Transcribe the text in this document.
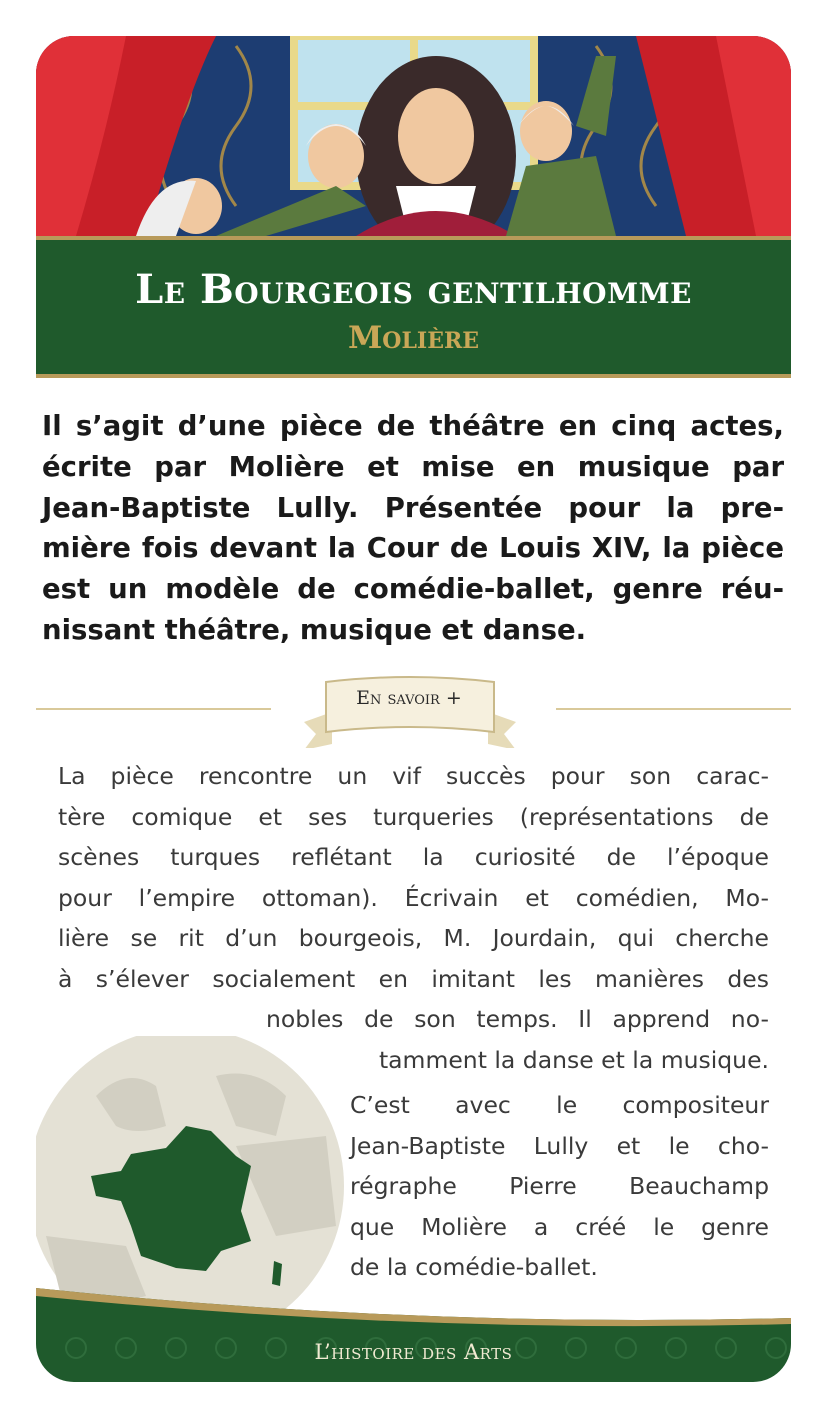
Le Bourgeois gentilhomme
Molière
Il s’agit d’une pièce de théâtre en cinq actes,
écrite par Molière et mise en musique par
Jean-Baptiste Lully. Présentée pour la pre-
mière fois devant la Cour de Louis XIV, la pièce
est un modèle de comédie-ballet, genre réu-
nissant théâtre, musique et danse.
En savoir +
La pièce rencontre un vif succès pour son carac-
tère comique et ses turqueries (représentations de
scènes turques reflétant la curiosité de l’époque
pour l’empire ottoman). Écrivain et comédien, Mo-
lière se rit d’un bourgeois, M. Jourdain, qui cherche
à s’élever socialement en imitant les manières des
nobles de son temps. Il apprend no-
tamment la danse et la musique.
C’est avec le compositeur
Jean-Baptiste Lully et le cho-
régraphe Pierre Beauchamp
que Molière a créé le genre
de la comédie-ballet.
L’histoire des Arts
